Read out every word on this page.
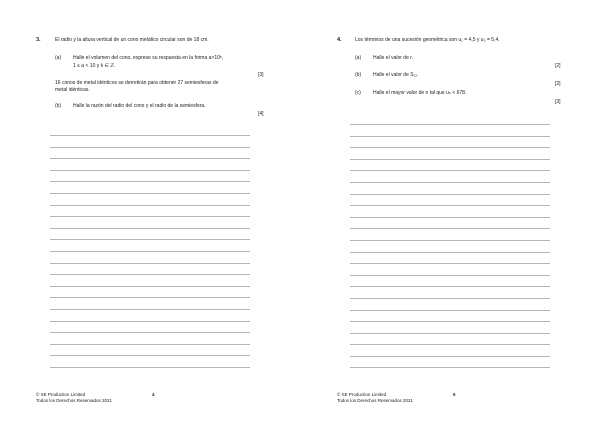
3.	El radio y la altura vertical de un cono metálico circular son de 18 cm.
(a) Halle el volumen del cono, exprese su respuesta en la forma a×10ᵏ,
1 ≤ a < 10 y k ∈ ℤ.
[3]
16 conos de metal idénticos se derretirán para obtener 27 semiesferas de
metal idénticas.
(b) Halle la razón del radio del cono y el radio de la semiesfera.
[4]
© SE Production Limited
Todos los Derechos Reservados 2021
4
4.	Los términos de una sucesión geométrica son u₁ = 4,5 y u₅ = 5,4.
(a) Halle el valor de r.
[2]
(b) Halle el valor de S₁₂.
[2]
(c) Halle el mayor valor de n tal que uₙ < 678.
[3]
© SE Production Limited
Todos los Derechos Reservados 2021
5
